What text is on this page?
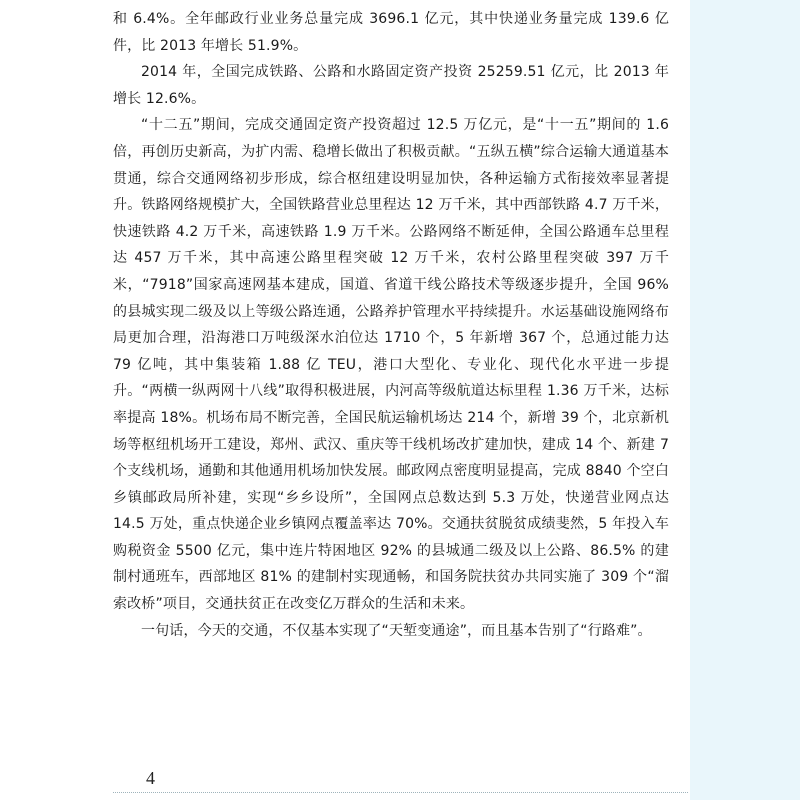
和 6.4%。全年邮政行业业务总量完成 3696.1 亿元，其中快递业务量完成 139.6 亿件，比 2013 年增长 51.9%。

2014 年，全国完成铁路、公路和水路固定资产投资 25259.51 亿元，比 2013 年增长 12.6%。

“十二五”期间，完成交通固定资产投资超过 12.5 万亿元，是“十一五”期间的 1.6 倍，再创历史新高，为扩内需、稳增长做出了积极贡献。“五纵五横”综合运输大通道基本贯通，综合交通网络初步形成，综合枢纽建设明显加快，各种运输方式衔接效率显著提升。铁路网络规模扩大，全国铁路营业总里程达 12 万千米，其中西部铁路 4.7 万千米，快速铁路 4.2 万千米，高速铁路 1.9 万千米。公路网络不断延伸，全国公路通车总里程达 457 万千米，其中高速公路里程突破 12 万千米，农村公路里程突破 397 万千米，“7918”国家高速网基本建成，国道、省道干线公路技术等级逐步提升，全国 96% 的县城实现二级及以上等级公路连通，公路养护管理水平持续提升。水运基础设施网络布局更加合理，沿海港口万吨级深水泊位达 1710 个，5 年新增 367 个，总通过能力达 79 亿吨，其中集装箱 1.88 亿 TEU，港口大型化、专业化、现代化水平进一步提升。“两横一纵两网十八线”取得积极进展，内河高等级航道达标里程 1.36 万千米，达标率提高 18%。机场布局不断完善，全国民航运输机场达 214 个，新增 39 个，北京新机场等枢纽机场开工建设，郑州、武汉、重庆等干线机场改扩建加快，建成 14 个、新建 7 个支线机场，通勤和其他通用机场加快发展。邮政网点密度明显提高，完成 8840 个空白乡镇邮政局所补建，实现“乡乡设所”，全国网点总数达到 5.3 万处，快递营业网点达 14.5 万处，重点快递企业乡镇网点覆盖率达 70%。交通扶贫脱贫成绩斐然，5 年投入车购税资金 5500 亿元，集中连片特困地区 92% 的县城通二级及以上公路、86.5% 的建制村通班车，西部地区 81% 的建制村实现通畅，和国务院扶贫办共同实施了 309 个“溜索改桥”项目，交通扶贫正在改变亿万群众的生活和未来。

一句话，今天的交通，不仅基本实现了“天堑变通途”，而且基本告别了“行路难”。

4
